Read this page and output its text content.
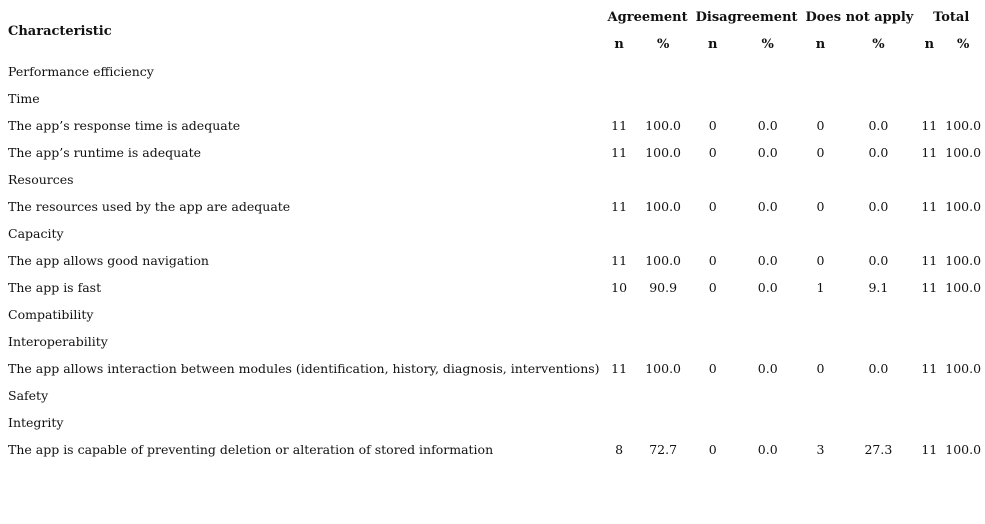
Characteristic	Agreement		Disagreement		Does not apply		Total	
	n	%	n	%	n	%	n	%
Performance efficiency								
Time								
The app’s response time is adequate	11	100.0	0	0.0	0	0.0	11	100.0
The app’s runtime is adequate	11	100.0	0	0.0	0	0.0	11	100.0
Resources								
The resources used by the app are adequate	11	100.0	0	0.0	0	0.0	11	100.0
Capacity								
The app allows good navigation	11	100.0	0	0.0	0	0.0	11	100.0
The app is fast	10	90.9	0	0.0	1	9.1	11	100.0
Compatibility								
Interoperability								
The app allows interaction between modules (identification, history, diagnosis, interventions)	11	100.0	0	0.0	0	0.0	11	100.0
Safety								
Integrity								
The app is capable of preventing deletion or alteration of stored information	8	72.7	0	0.0	3	27.3	11	100.0
